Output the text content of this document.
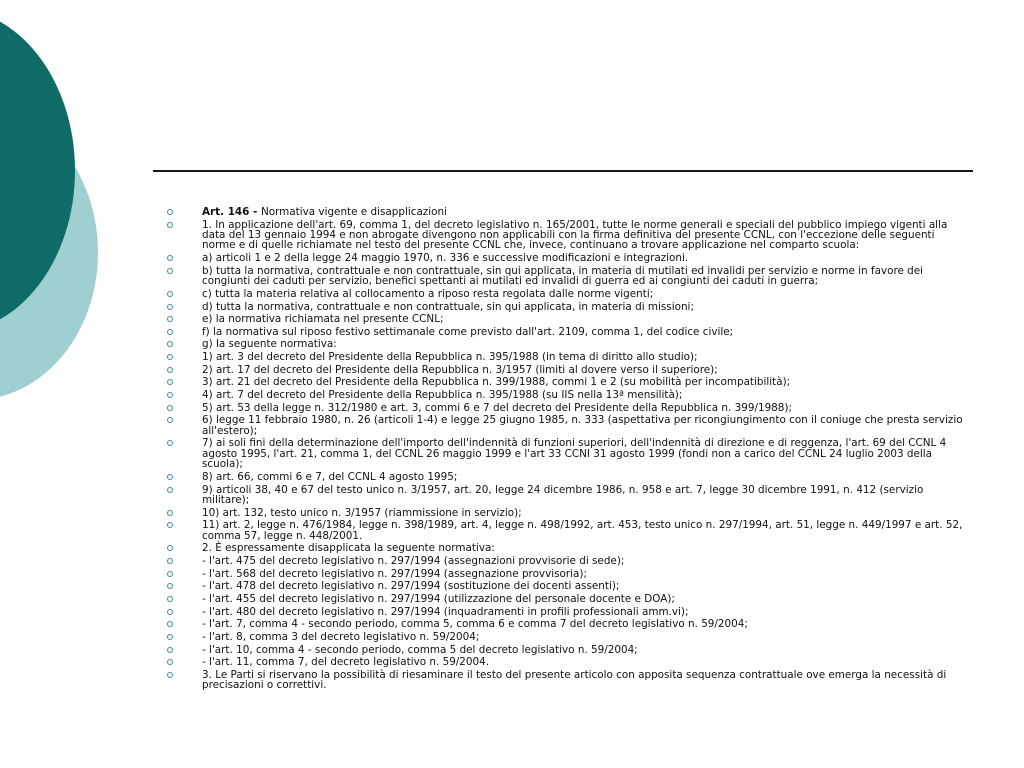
Art. 146 - Normativa vigente e disapplicazioni
1. In applicazione dell'art. 69, comma 1, del decreto legislativo n. 165/2001, tutte le norme generali e speciali del pubblico impiego vigenti alla data del 13 gennaio 1994 e non abrogate divengono non applicabili con la firma definitiva del presente CCNL, con l'eccezione delle seguenti norme e di quelle richiamate nel testo del presente CCNL che, invece, continuano a trovare applicazione nel comparto scuola:
a) articoli 1 e 2 della legge 24 maggio 1970, n. 336 e successive modificazioni e integrazioni.
b) tutta la normativa, contrattuale e non contrattuale, sin qui applicata, in materia di mutilati ed invalidi per servizio e norme in favore dei congiunti dei caduti per servizio, benefici spettanti ai mutilati ed invalidi di guerra ed ai congiunti dei caduti in guerra;
c) tutta la materia relativa al collocamento a riposo resta regolata dalle norme vigenti;
d) tutta la normativa, contrattuale e non contrattuale, sin qui applicata, in materia di missioni;
e) la normativa richiamata nel presente CCNL;
f) la normativa sul riposo festivo settimanale come previsto dall'art. 2109, comma 1, del codice civile;
g) la seguente normativa:
1) art. 3 del decreto del Presidente della Repubblica n. 395/1988 (in tema di diritto allo studio);
2) art. 17 del decreto del Presidente della Repubblica n. 3/1957 (limiti al dovere verso il superiore);
3) art. 21 del decreto del Presidente della Repubblica n. 399/1988, commi 1 e 2 (su mobilità per incompatibilità);
4) art. 7 del decreto del Presidente della Repubblica n. 395/1988 (su IIS nella 13ª mensilità);
5) art. 53 della legge n. 312/1980 e art. 3, commi 6 e 7 del decreto del Presidente della Repubblica n. 399/1988);
6) legge 11 febbraio 1980, n. 26 (articoli 1-4) e legge 25 giugno 1985, n. 333 (aspettativa per ricongiungimento con il coniuge che presta servizio all'estero);
7) ai soli fini della determinazione dell'importo dell'indennità di funzioni superiori, dell'indennità di direzione e di reggenza, l'art. 69 del CCNL 4 agosto 1995, l'art. 21, comma 1, del CCNL 26 maggio 1999 e l'art 33 CCNI 31 agosto 1999 (fondi non a carico del CCNL 24 luglio 2003 della scuola);
8) art. 66, commi 6 e 7, del CCNL 4 agosto 1995;
9) articoli 38, 40 e 67 del testo unico n. 3/1957, art. 20, legge 24 dicembre 1986, n. 958 e art. 7, legge 30 dicembre 1991, n. 412 (servizio militare);
10) art. 132, testo unico n. 3/1957 (riammissione in servizio);
11) art. 2, legge n. 476/1984, legge n. 398/1989, art. 4, legge n. 498/1992, art. 453, testo unico n. 297/1994, art. 51, legge n. 449/1997 e art. 52, comma 57, legge n. 448/2001.
2. È espressamente disapplicata la seguente normativa:
- l'art. 475 del decreto legislativo n. 297/1994 (assegnazioni provvisorie di sede);
- l'art. 568 del decreto legislativo n. 297/1994 (assegnazione provvisoria);
- l'art. 478 del decreto legislativo n. 297/1994 (sostituzione dei docenti assenti);
- l'art. 455 del decreto legislativo n. 297/1994 (utilizzazione del personale docente e DOA);
- l'art. 480 del decreto legislativo n. 297/1994 (inquadramenti in profili professionali amm.vi);
- l'art. 7, comma 4 - secondo periodo, comma 5, comma 6 e comma 7 del decreto legislativo n. 59/2004;
- l'art. 8, comma 3 del decreto legislativo n. 59/2004;
- l'art. 10, comma 4 - secondo periodo, comma 5 del decreto legislativo n. 59/2004;
- l'art. 11, comma 7, del decreto legislativo n. 59/2004.
3. Le Parti si riservano la possibilità di riesaminare il testo del presente articolo con apposita sequenza contrattuale ove emerga la necessità di precisazioni o correttivi.
